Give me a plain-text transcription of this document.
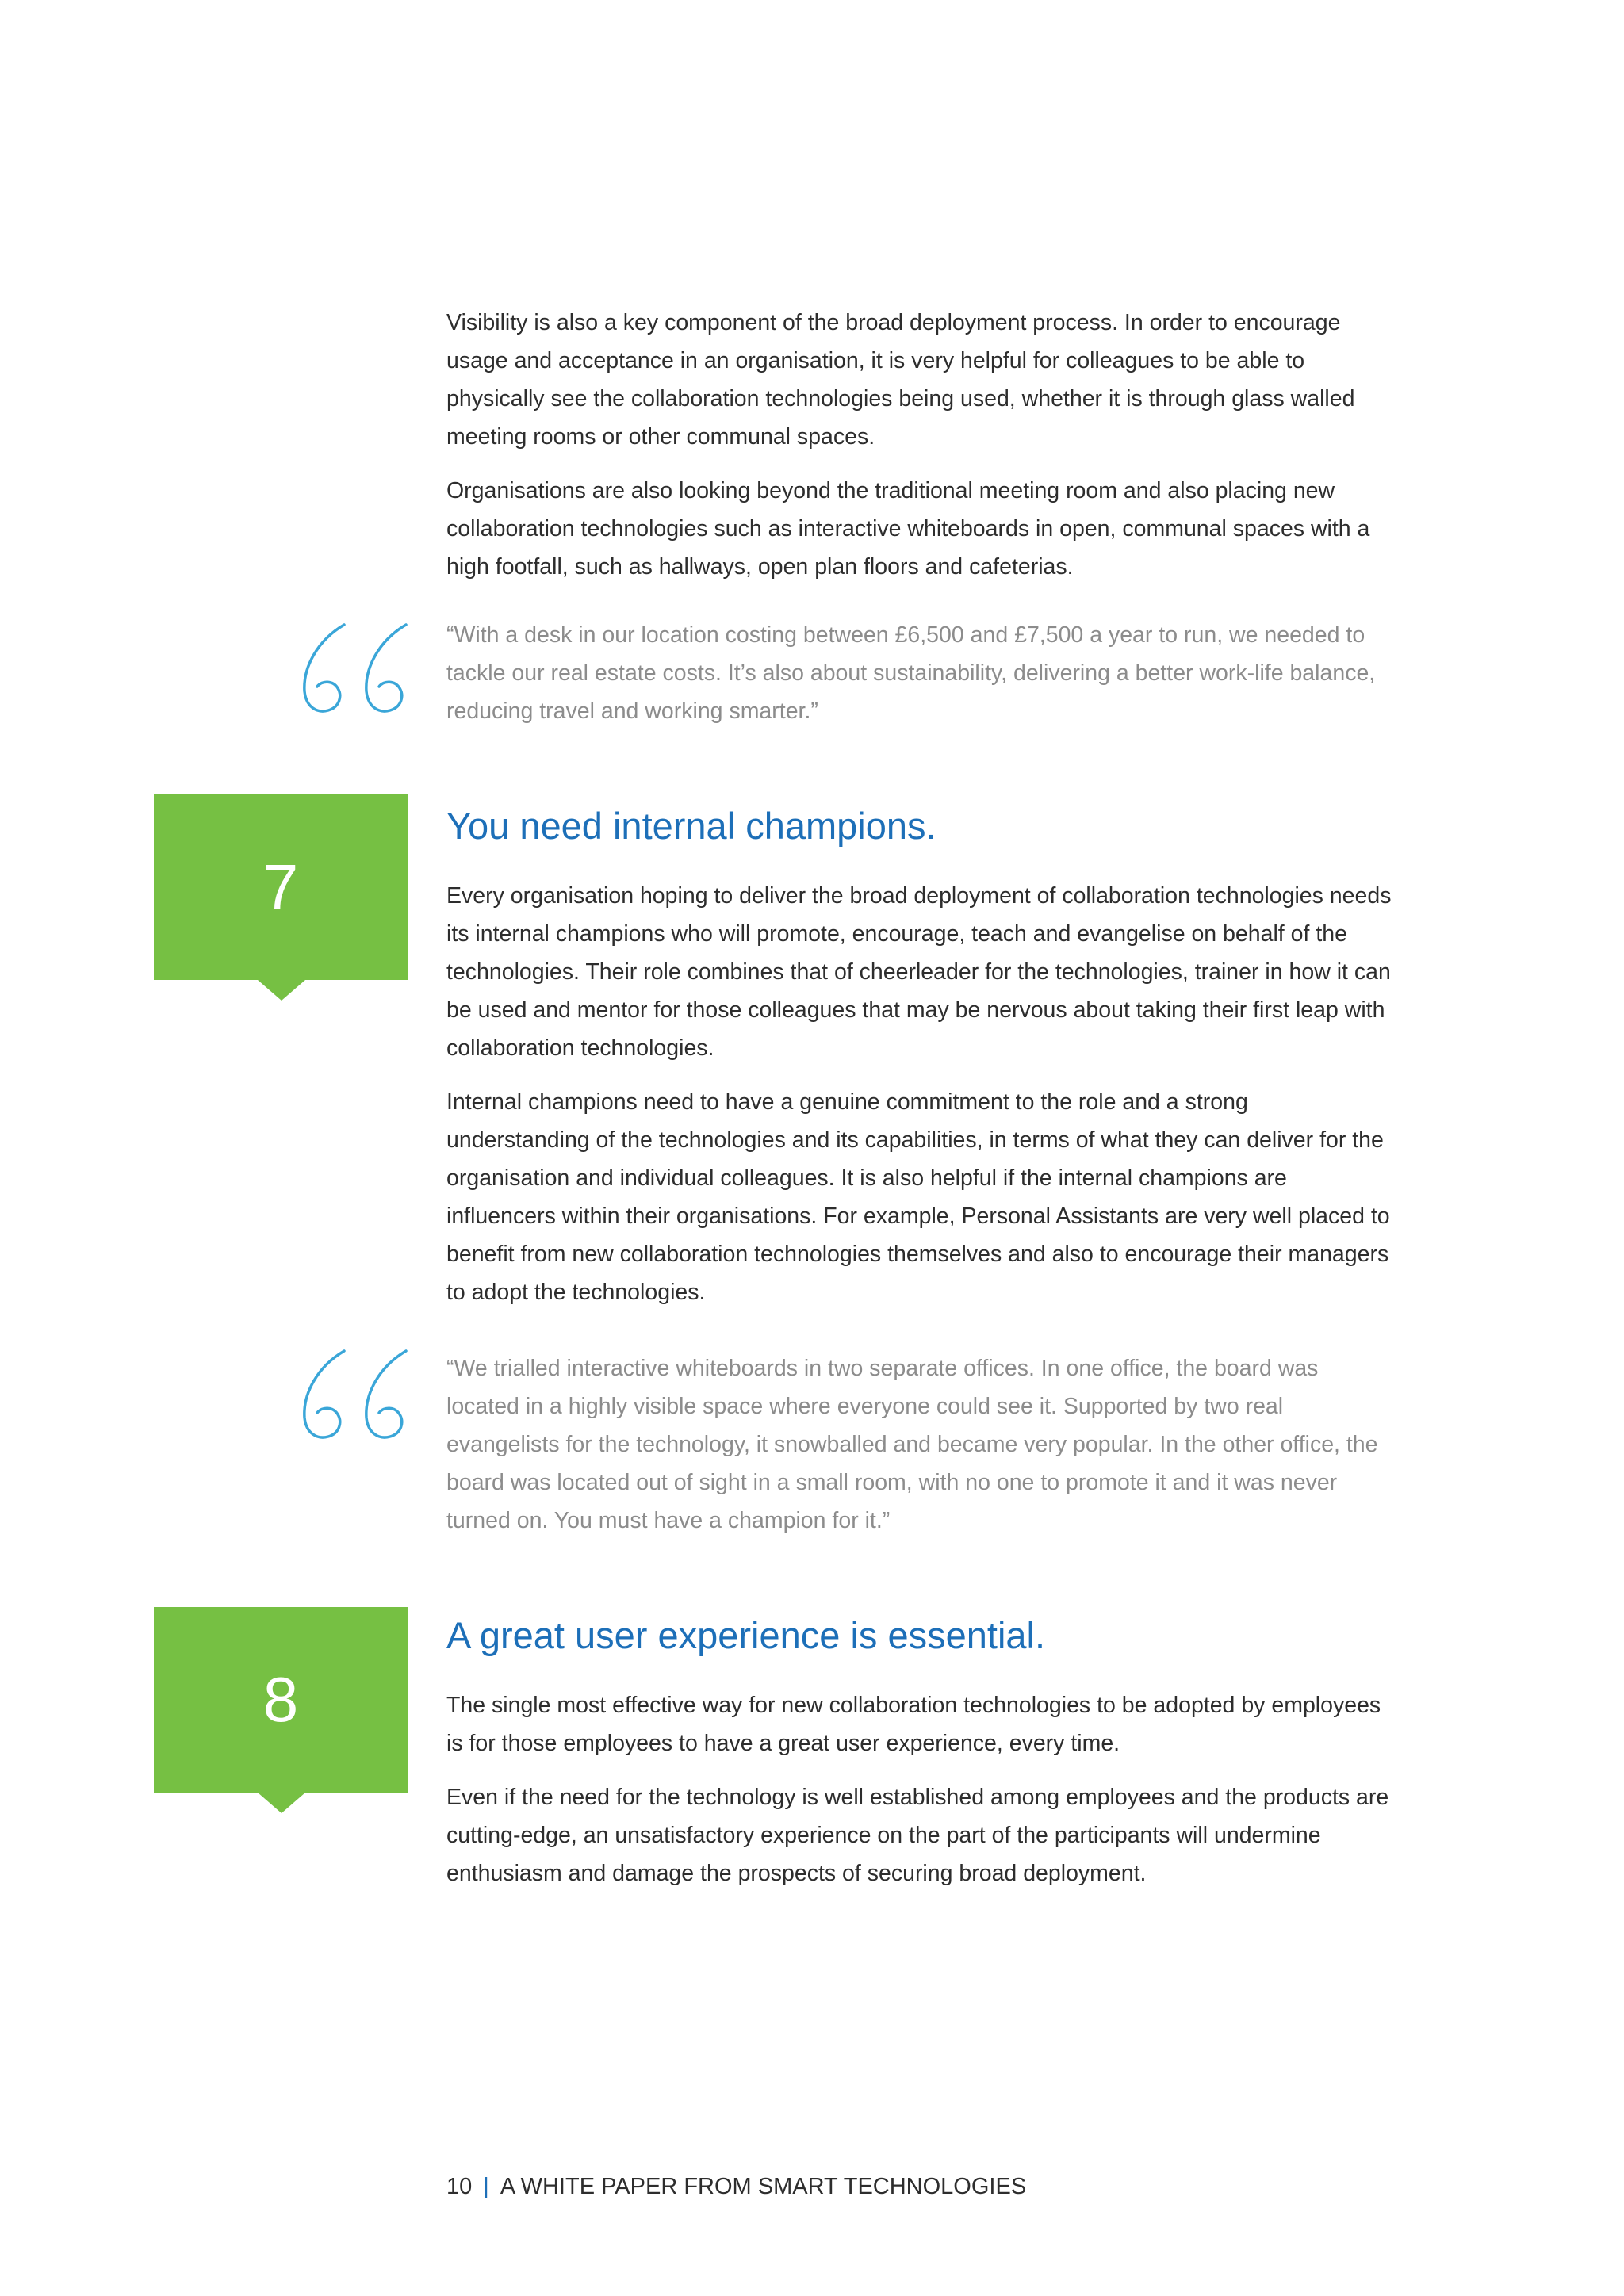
Visibility is also a key component of the broad deployment process. In order to encourage usage and acceptance in an organisation, it is very helpful for colleagues to be able to physically see the collaboration technologies being used, whether it is through glass walled meeting rooms or other communal spaces.

Organisations are also looking beyond the traditional meeting room and also placing new collaboration technologies such as interactive whiteboards in open, communal spaces with a high footfall, such as hallways, open plan floors and cafeterias.

“With a desk in our location costing between £6,500 and £7,500 a year to run, we needed to tackle our real estate costs. It’s also about sustainability, delivering a better work-life balance, reducing travel and working smarter.”

7
You need internal champions.

Every organisation hoping to deliver the broad deployment of collaboration technologies needs its internal champions who will promote, encourage, teach and evangelise on behalf of the technologies. Their role combines that of cheerleader for the technologies, trainer in how it can be used and mentor for those colleagues that may be nervous about taking their first leap with collaboration technologies.

Internal champions need to have a genuine commitment to the role and a strong understanding of the technologies and its capabilities, in terms of what they can deliver for the organisation and individual colleagues. It is also helpful if the internal champions are influencers within their organisations. For example, Personal Assistants are very well placed to benefit from new collaboration technologies themselves and also to encourage their managers to adopt the technologies.

“We trialled interactive whiteboards in two separate offices. In one office, the board was located in a highly visible space where everyone could see it. Supported by two real evangelists for the technology, it snowballed and became very popular. In the other office, the board was located out of sight in a small room, with no one to promote it and it was never turned on. You must have a champion for it.”

8
A great user experience is essential.

The single most effective way for new collaboration technologies to be adopted by employees is for those employees to have a great user experience, every time.

Even if the need for the technology is well established among employees and the products are cutting-edge, an unsatisfactory experience on the part of the participants will undermine enthusiasm and damage the prospects of securing broad deployment.

10 | A WHITE PAPER FROM SMART TECHNOLOGIES
